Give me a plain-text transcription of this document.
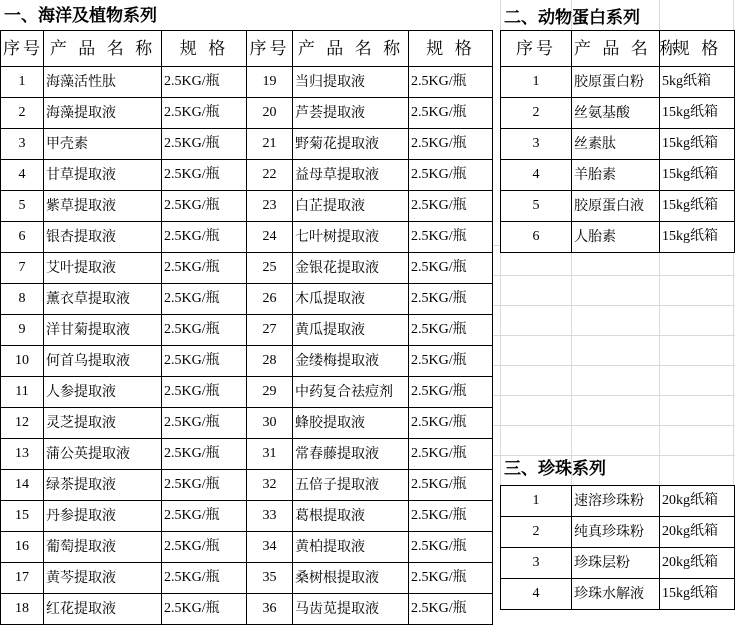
一、海洋及植物系列
序号	产 品 名 称	规 格
1	海藻活性肽	2.5KG/瓶
2	海藻提取液	2.5KG/瓶
3	甲壳素	2.5KG/瓶
4	甘草提取液	2.5KG/瓶
5	紫草提取液	2.5KG/瓶
6	银杏提取液	2.5KG/瓶
7	艾叶提取液	2.5KG/瓶
8	薰衣草提取液	2.5KG/瓶
9	洋甘菊提取液	2.5KG/瓶
10	何首乌提取液	2.5KG/瓶
11	人参提取液	2.5KG/瓶
12	灵芝提取液	2.5KG/瓶
13	蒲公英提取液	2.5KG/瓶
14	绿茶提取液	2.5KG/瓶
15	丹参提取液	2.5KG/瓶
16	葡萄提取液	2.5KG/瓶
17	黄芩提取液	2.5KG/瓶
18	红花提取液	2.5KG/瓶
序号	产 品 名 称	规 格
19	当归提取液	2.5KG/瓶
20	芦荟提取液	2.5KG/瓶
21	野菊花提取液	2.5KG/瓶
22	益母草提取液	2.5KG/瓶
23	白芷提取液	2.5KG/瓶
24	七叶树提取液	2.5KG/瓶
25	金银花提取液	2.5KG/瓶
26	木瓜提取液	2.5KG/瓶
27	黄瓜提取液	2.5KG/瓶
28	金缕梅提取液	2.5KG/瓶
29	中药复合祛痘剂	2.5KG/瓶
30	蜂胶提取液	2.5KG/瓶
31	常春藤提取液	2.5KG/瓶
32	五倍子提取液	2.5KG/瓶
33	葛根提取液	2.5KG/瓶
34	黄柏提取液	2.5KG/瓶
35	桑树根提取液	2.5KG/瓶
36	马齿苋提取液	2.5KG/瓶
二、动物蛋白系列
序号	产 品 名 称	规 格
1	胶原蛋白粉	5kg纸箱
2	丝氨基酸	15kg纸箱
3	丝素肽	15kg纸箱
4	羊胎素	15kg纸箱
5	胶原蛋白液	15kg纸箱
6	人胎素	15kg纸箱
三、珍珠系列
1	速溶珍珠粉	20kg纸箱
2	纯真珍珠粉	20kg纸箱
3	珍珠层粉	20kg纸箱
4	珍珠水解液	15kg纸箱
